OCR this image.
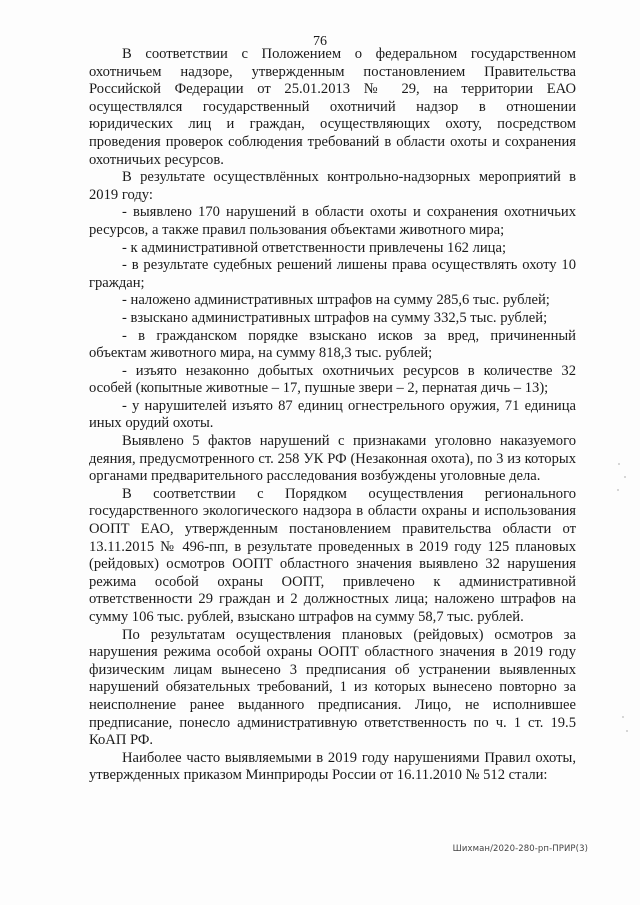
76

В соответствии с Положением о федеральном государственном охотничьем надзоре, утвержденным постановлением Правительства Российской Федерации от 25.01.2013 № 29, на территории ЕАО осуществлялся государственный охотничий надзор в отношении юридических лиц и граждан, осуществляющих охоту, посредством проведения проверок соблюдения требований в области охоты и сохранения охотничьих ресурсов.

В результате осуществлённых контрольно-надзорных мероприятий в 2019 году:

- выявлено 170 нарушений в области охоты и сохранения охотничьих ресурсов, а также правил пользования объектами животного мира;

- к административной ответственности привлечены 162 лица;

- в результате судебных решений лишены права осуществлять охоту 10 граждан;

- наложено административных штрафов на сумму 285,6 тыс. рублей;

- взыскано административных штрафов на сумму 332,5 тыс. рублей;

- в гражданском порядке взыскано исков за вред, причиненный объектам животного мира, на сумму 818,3 тыс. рублей;

- изъято незаконно добытых охотничьих ресурсов в количестве 32 особей (копытные животные – 17, пушные звери – 2, пернатая дичь – 13);

- у нарушителей изъято 87 единиц огнестрельного оружия, 71 единица иных орудий охоты.

Выявлено 5 фактов нарушений с признаками уголовно наказуемого деяния, предусмотренного ст. 258 УК РФ (Незаконная охота), по 3 из которых органами предварительного расследования возбуждены уголовные дела.

В соответствии с Порядком осуществления регионального государственного экологического надзора в области охраны и использования ООПТ ЕАО, утвержденным постановлением правительства области от 13.11.2015 № 496-пп, в результате проведенных в 2019 году 125 плановых (рейдовых) осмотров ООПТ областного значения выявлено 32 нарушения режима особой охраны ООПТ, привлечено к административной ответственности 29 граждан и 2 должностных лица; наложено штрафов на сумму 106 тыс. рублей, взыскано штрафов на сумму 58,7 тыс. рублей.

По результатам осуществления плановых (рейдовых) осмотров за нарушения режима особой охраны ООПТ областного значения в 2019 году физическим лицам вынесено 3 предписания об устранении выявленных нарушений обязательных требований, 1 из которых вынесено повторно за неисполнение ранее выданного предписания. Лицо, не исполнившее предписание, понесло административную ответственность по ч. 1 ст. 19.5 КоАП РФ.

Наиболее часто выявляемыми в 2019 году нарушениями Правил охоты, утвержденных приказом Минприроды России от 16.11.2010 № 512 стали:

Шихман/2020-280-рп-ПРИР(3)
